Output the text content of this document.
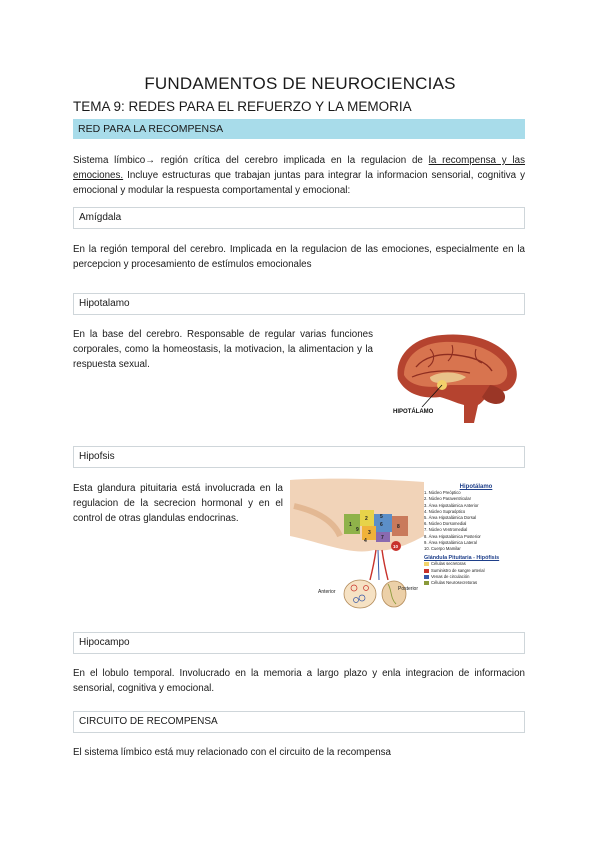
FUNDAMENTOS DE NEUROCIENCIAS
TEMA 9: REDES PARA EL REFUERZO Y LA MEMORIA
RED PARA LA RECOMPENSA
Sistema límbico→ región crítica del cerebro implicada en la regulacion de la recompensa y las emociones. Incluye estructuras que trabajan juntas para integrar la informacion sensorial, cognitiva y emocional y modular la respuesta comportamental y emocional:
Amígdala
En la región temporal del cerebro. Implicada en la regulacion de las emociones, especialmente en la percepcion y procesamiento de estímulos emocionales
Hipotalamo
En la base del cerebro. Responsable de regular varias funciones corporales, como la homeostasis, la motivacion, la alimentacion y la respuesta sexual.
HIPOTÁLAMO
Hipofsis
Esta glandura pituitaria está involucrada en la regulacion de la secrecion hormonal y en el control de otras glandulas endocrinas.
1
2
3
4
5
6
7
8
9
10
Anterior	Posterior
Hipotálamo
1. Núcleo Preóptico
2. Núcleo Paraventricular
3. Área Hipotalámica Anterior
4. Núcleo Supraóptico
5. Área Hipotalámica Dorsal
6. Núcleo Dorsomedial
7. Núcleo Ventromedial
8. Área Hipotalámica Posterior
9. Área Hipotalámica Lateral
10. Cuerpo Mamilar
Glándula Pituitaria - Hipófisis
Células secretoras
Suministro de sangre arterial
Venas de circulación
Células Neurosecretoras
Hipocampo
En el lobulo temporal. Involucrado en la memoria a largo plazo y enla integracion de informacion sensorial, cognitiva y emocional.
CIRCUITO DE RECOMPENSA
El sistema límbico está muy relacionado con el circuito de la recompensa
